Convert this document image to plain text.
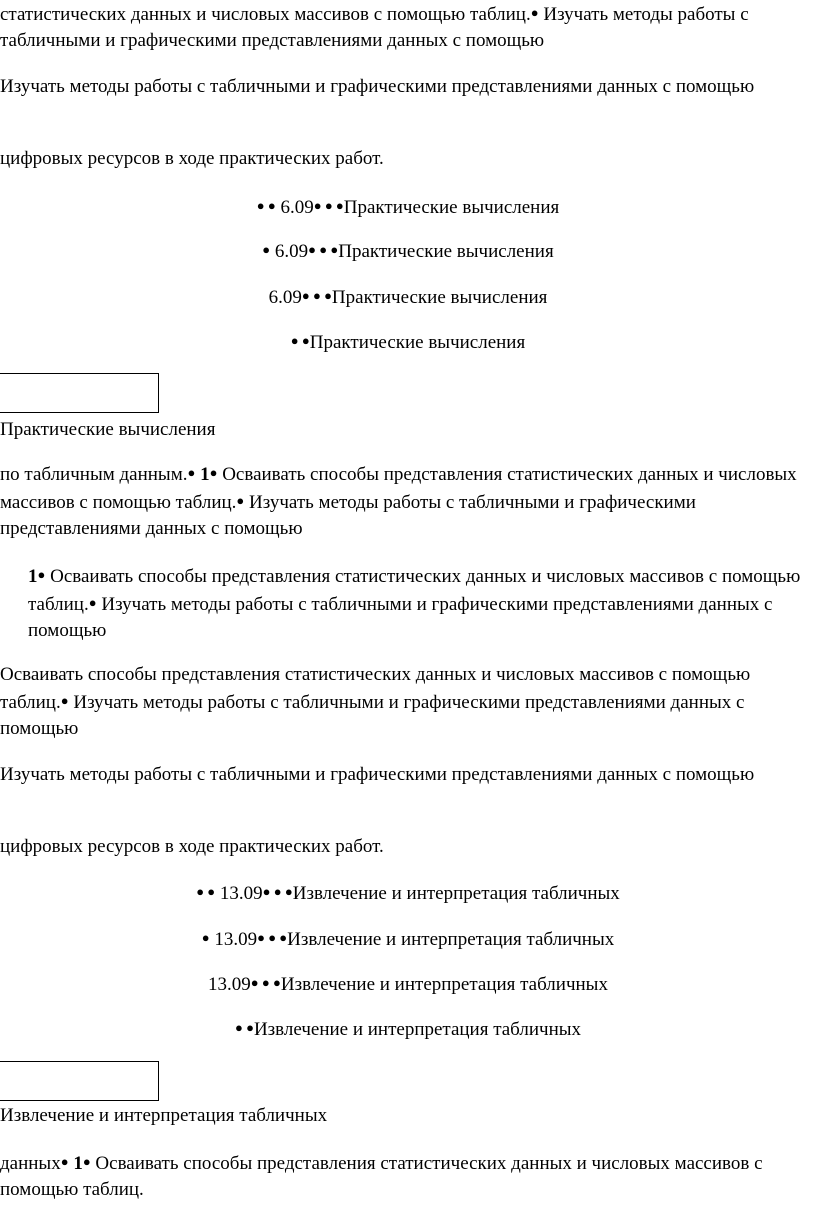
статистических данных и числовых массивов с помощью таблиц.● Изучать методы работы с табличными и графическими представлениями данных с помощью

Изучать методы работы с табличными и графическими представлениями данных с помощью

цифровых ресурсов в ходе практических работ.

● ● 6.09● ● ●Практические вычисления

● 6.09● ● ●Практические вычисления

6.09● ● ●Практические вычисления

● ●Практические вычисления

Практические вычисления

по табличным данным.● 1● Осваивать способы представления статистических данных и числовых массивов с помощью таблиц.● Изучать методы работы с табличными и графическими представлениями данных с помощью

1● Осваивать способы представления статистических данных и числовых массивов с помощью таблиц.● Изучать методы работы с табличными и графическими представлениями данных с помощью

Осваивать способы представления статистических данных и числовых массивов с помощью таблиц.● Изучать методы работы с табличными и графическими представлениями данных с помощью

Изучать методы работы с табличными и графическими представлениями данных с помощью

цифровых ресурсов в ходе практических работ.

● ● 13.09● ● ●Извлечение и интерпретация табличных

● 13.09● ● ●Извлечение и интерпретация табличных

13.09● ● ●Извлечение и интерпретация табличных

● ●Извлечение и интерпретация табличных

Извлечение и интерпретация табличных

данных● 1● Осваивать способы представления статистических данных и числовых массивов с помощью таблиц.
